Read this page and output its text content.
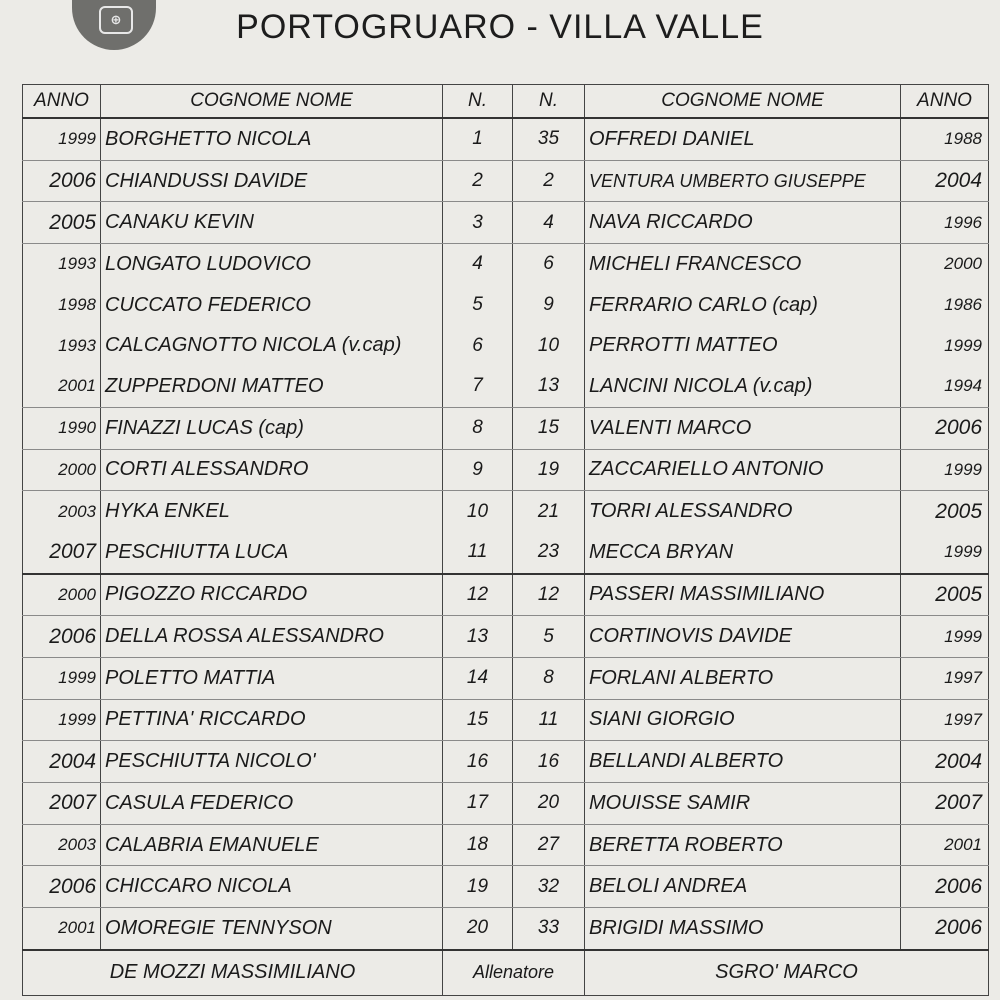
⊕	PORTOGRUARO - VILLA VALLE
ANNO	COGNOME NOME	N.	N.	COGNOME NOME	ANNO
1999	BORGHETTO NICOLA	1	35	OFFREDI DANIEL	1988
2006	CHIANDUSSI DAVIDE	2	2	VENTURA UMBERTO GIUSEPPE	2004
2005	CANAKU KEVIN	3	4	NAVA RICCARDO	1996
1993	LONGATO LUDOVICO	4	6	MICHELI FRANCESCO	2000
1998	CUCCATO FEDERICO	5	9	FERRARIO CARLO (cap)	1986
1993	CALCAGNOTTO NICOLA (v.cap)	6	10	PERROTTI MATTEO	1999
2001	ZUPPERDONI MATTEO	7	13	LANCINI NICOLA (v.cap)	1994
1990	FINAZZI LUCAS (cap)	8	15	VALENTI MARCO	2006
2000	CORTI ALESSANDRO	9	19	ZACCARIELLO ANTONIO	1999
2003	HYKA ENKEL	10	21	TORRI ALESSANDRO	2005
2007	PESCHIUTTA LUCA	11	23	MECCA BRYAN	1999
2000	PIGOZZO RICCARDO	12	12	PASSERI MASSIMILIANO	2005
2006	DELLA ROSSA ALESSANDRO	13	5	CORTINOVIS DAVIDE	1999
1999	POLETTO MATTIA	14	8	FORLANI ALBERTO	1997
1999	PETTINA' RICCARDO	15	11	SIANI GIORGIO	1997
2004	PESCHIUTTA NICOLO'	16	16	BELLANDI ALBERTO	2004
2007	CASULA FEDERICO	17	20	MOUISSE SAMIR	2007
2003	CALABRIA EMANUELE	18	27	BERETTA ROBERTO	2001
2006	CHICCARO NICOLA	19	32	BELOLI ANDREA	2006
2001	OMOREGIE TENNYSON	20	33	BRIGIDI MASSIMO	2006
DE MOZZI MASSIMILIANO		Allenatore		SGRO' MARCO	
